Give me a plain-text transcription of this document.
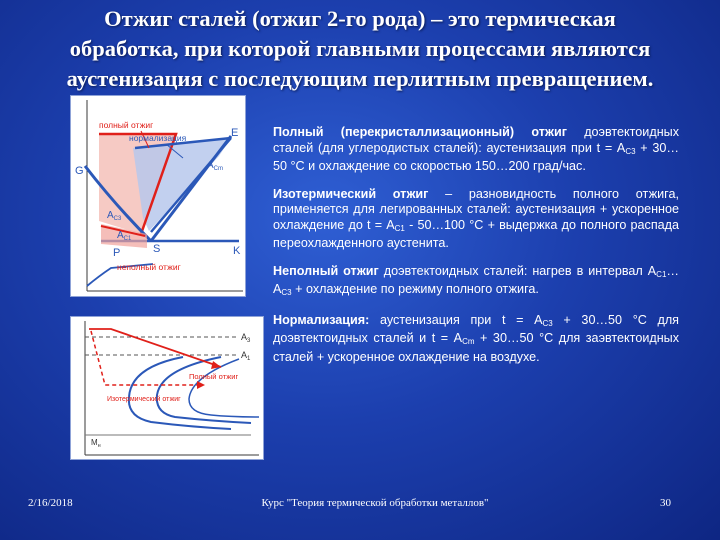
Отжиг сталей (отжиг 2-го рода) – это термическая
обработка, при которой главными процессами являются
аустенизация с последующим перлитным превращением.
полный отжиг
нормализация	E
$A_{Cm}$
G
$A_{C3}$
$A_{C1}$
P	S	K
неполный отжиг
$A_3$
$A_1$
Полный отжиг
Изотермический отжиг
$M_н$
Полный (перекристаллизационный) отжиг доэвтектоидных сталей (для углеродистых сталей): аустенизация при $t = А_{С3}$ + 30…50 °С и охлаждение со скоростью 150…200 град/час.
Изотермический отжиг – разновидность полного отжига, применяется для легированных сталей: аустенизация + ускоренное охлаждение до $t = А_{С1}$ - 50…100 °С + выдержка до полного распада переохлажденного аустенита.
Неполный отжиг доэвтектоидных сталей: нагрев в интервал $А_{С1}\dots А_{С3}$ + охлаждение по режиму полного отжига.
Нормализация: аустенизация при $t = А_{С3}$ + 30…50 °С для доэвтектоидных сталей и $t = А_{Сm}$ + 30…50 °С для заэвтектоидных сталей + ускоренное охлаждение на воздухе.
2/16/2018	Курс "Теория термической обработки металлов"	30
